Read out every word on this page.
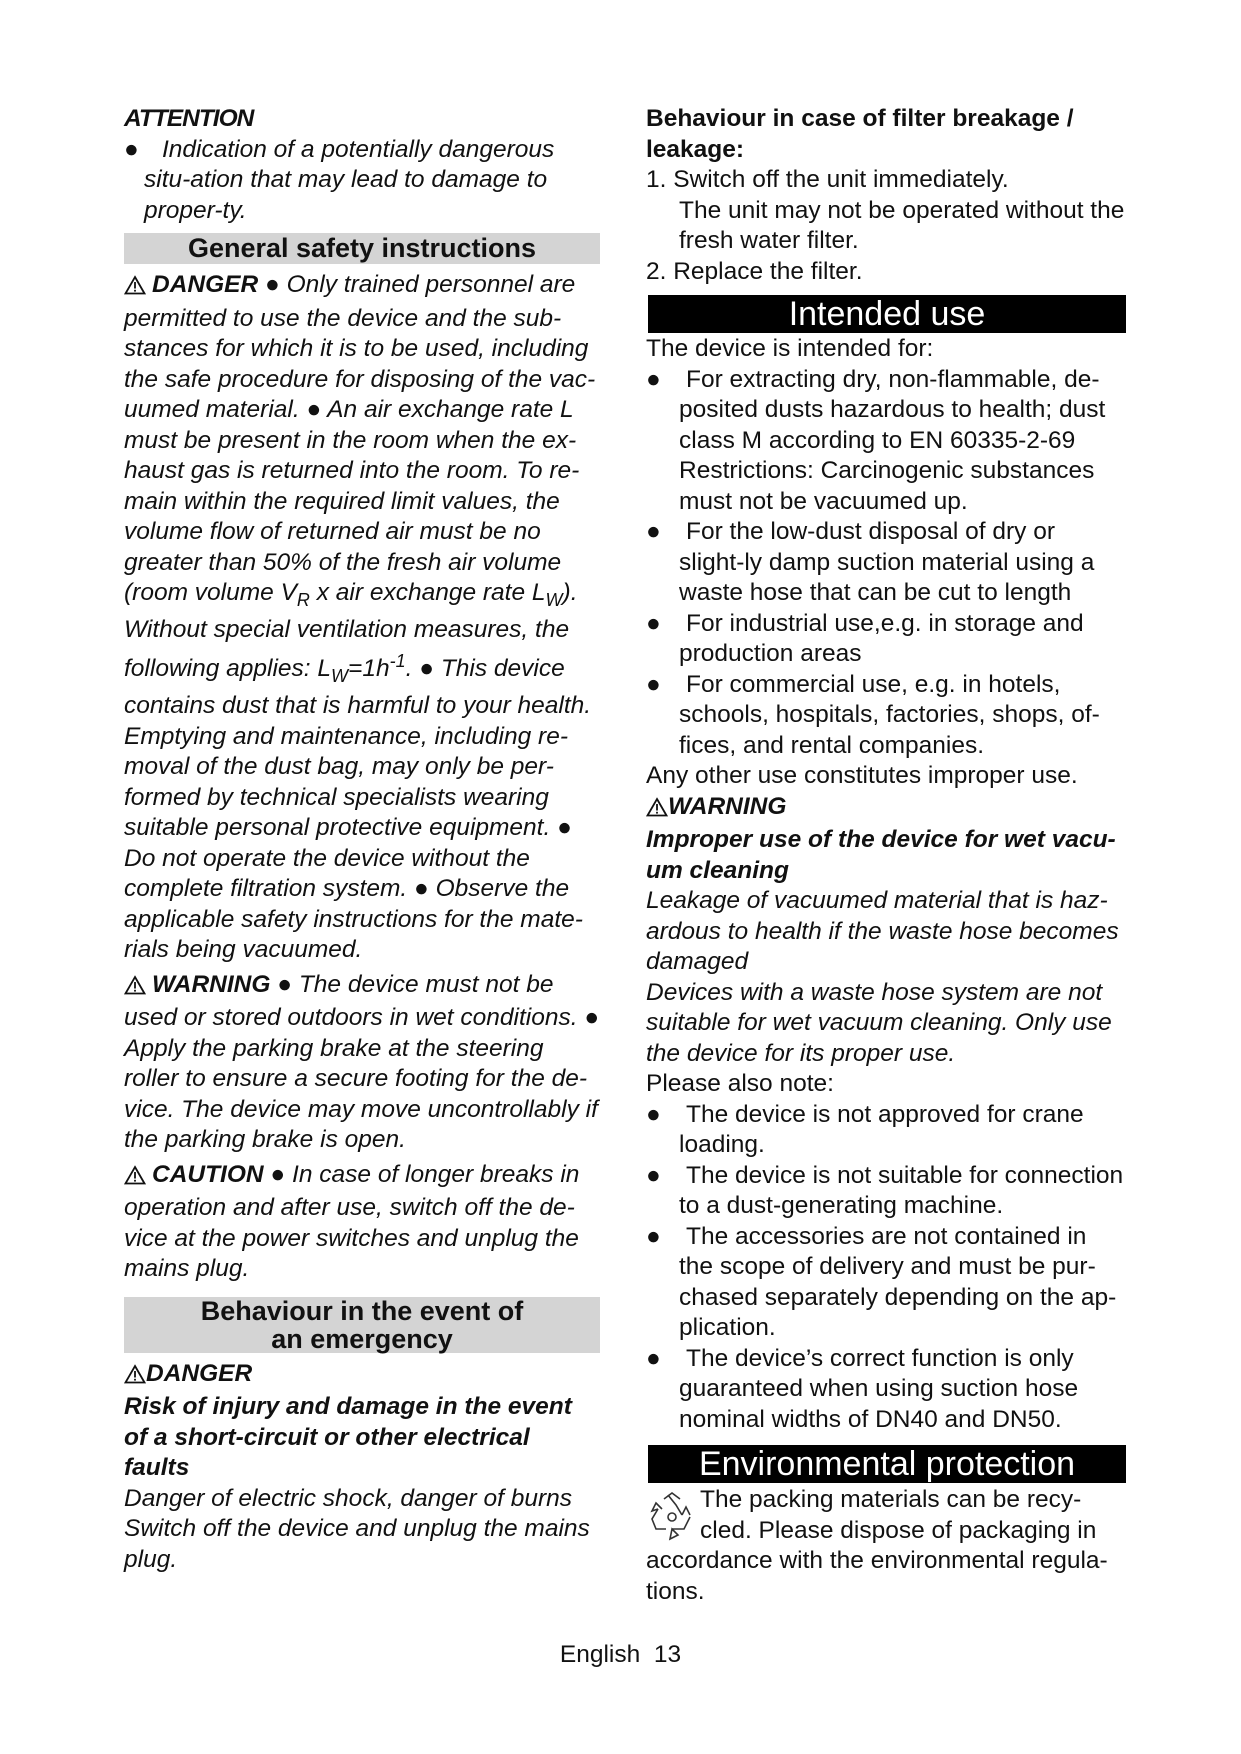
ATTENTION

● Indication of a potentially dangerous situ-ation that may lead to damage to proper-ty.

General safety instructions

DANGER ● Only trained personnel are permitted to use the device and the sub-stances for which it is to be used, including the safe procedure for disposing of the vac-uumed material. ● An air exchange rate L must be present in the room when the ex-haust gas is returned into the room. To re-main within the required limit values, the volume flow of returned air must be no greater than 50% of the fresh air volume (room volume $V_R$ x air exchange rate $L_W$). Without special ventilation measures, the following applies: $L_W=1h^{-1}$. ● This device contains dust that is harmful to your health. Emptying and maintenance, including re-moval of the dust bag, may only be per-formed by technical specialists wearing suitable personal protective equipment. ● Do not operate the device without the complete filtration system. ● Observe the applicable safety instructions for the mate-rials being vacuumed.

WARNING ● The device must not be used or stored outdoors in wet conditions. ● Apply the parking brake at the steering roller to ensure a secure footing for the de-vice. The device may move uncontrollably if the parking brake is open.

CAUTION ● In case of longer breaks in operation and after use, switch off the de-vice at the power switches and unplug the mains plug.

Behaviour in the event of an emergency

DANGER

Risk of injury and damage in the event of a short-circuit or other electrical faults

Danger of electric shock, danger of burns Switch off the device and unplug the mains plug.

Behaviour in case of filter breakage / leakage:

1. Switch off the unit immediately.

The unit may not be operated without the fresh water filter.

2. Replace the filter.

Intended use

The device is intended for:

● For extracting dry, non-flammable, de-posited dusts hazardous to health; dust class M according to EN 60335-2-69 Restrictions: Carcinogenic substances must not be vacuumed up.
● For the low-dust disposal of dry or slight-ly damp suction material using a waste hose that can be cut to length
● For industrial use,e.g. in storage and production areas
● For commercial use, e.g. in hotels, schools, hospitals, factories, shops, of-fices, and rental companies.

Any other use constitutes improper use.

WARNING

Improper use of the device for wet vacu-um cleaning

Leakage of vacuumed material that is haz-ardous to health if the waste hose becomes damaged

Devices with a waste hose system are not suitable for wet vacuum cleaning. Only use the device for its proper use.

Please also note:

● The device is not approved for crane loading.
● The device is not suitable for connection to a dust-generating machine.
● The accessories are not contained in the scope of delivery and must be pur-chased separately depending on the ap-plication.
● The device’s correct function is only guaranteed when using suction hose nominal widths of DN40 and DN50.
Environmental protection

The packing materials can be recy-cled. Please dispose of packaging in accordance with the environmental regula-tions.

English 13
